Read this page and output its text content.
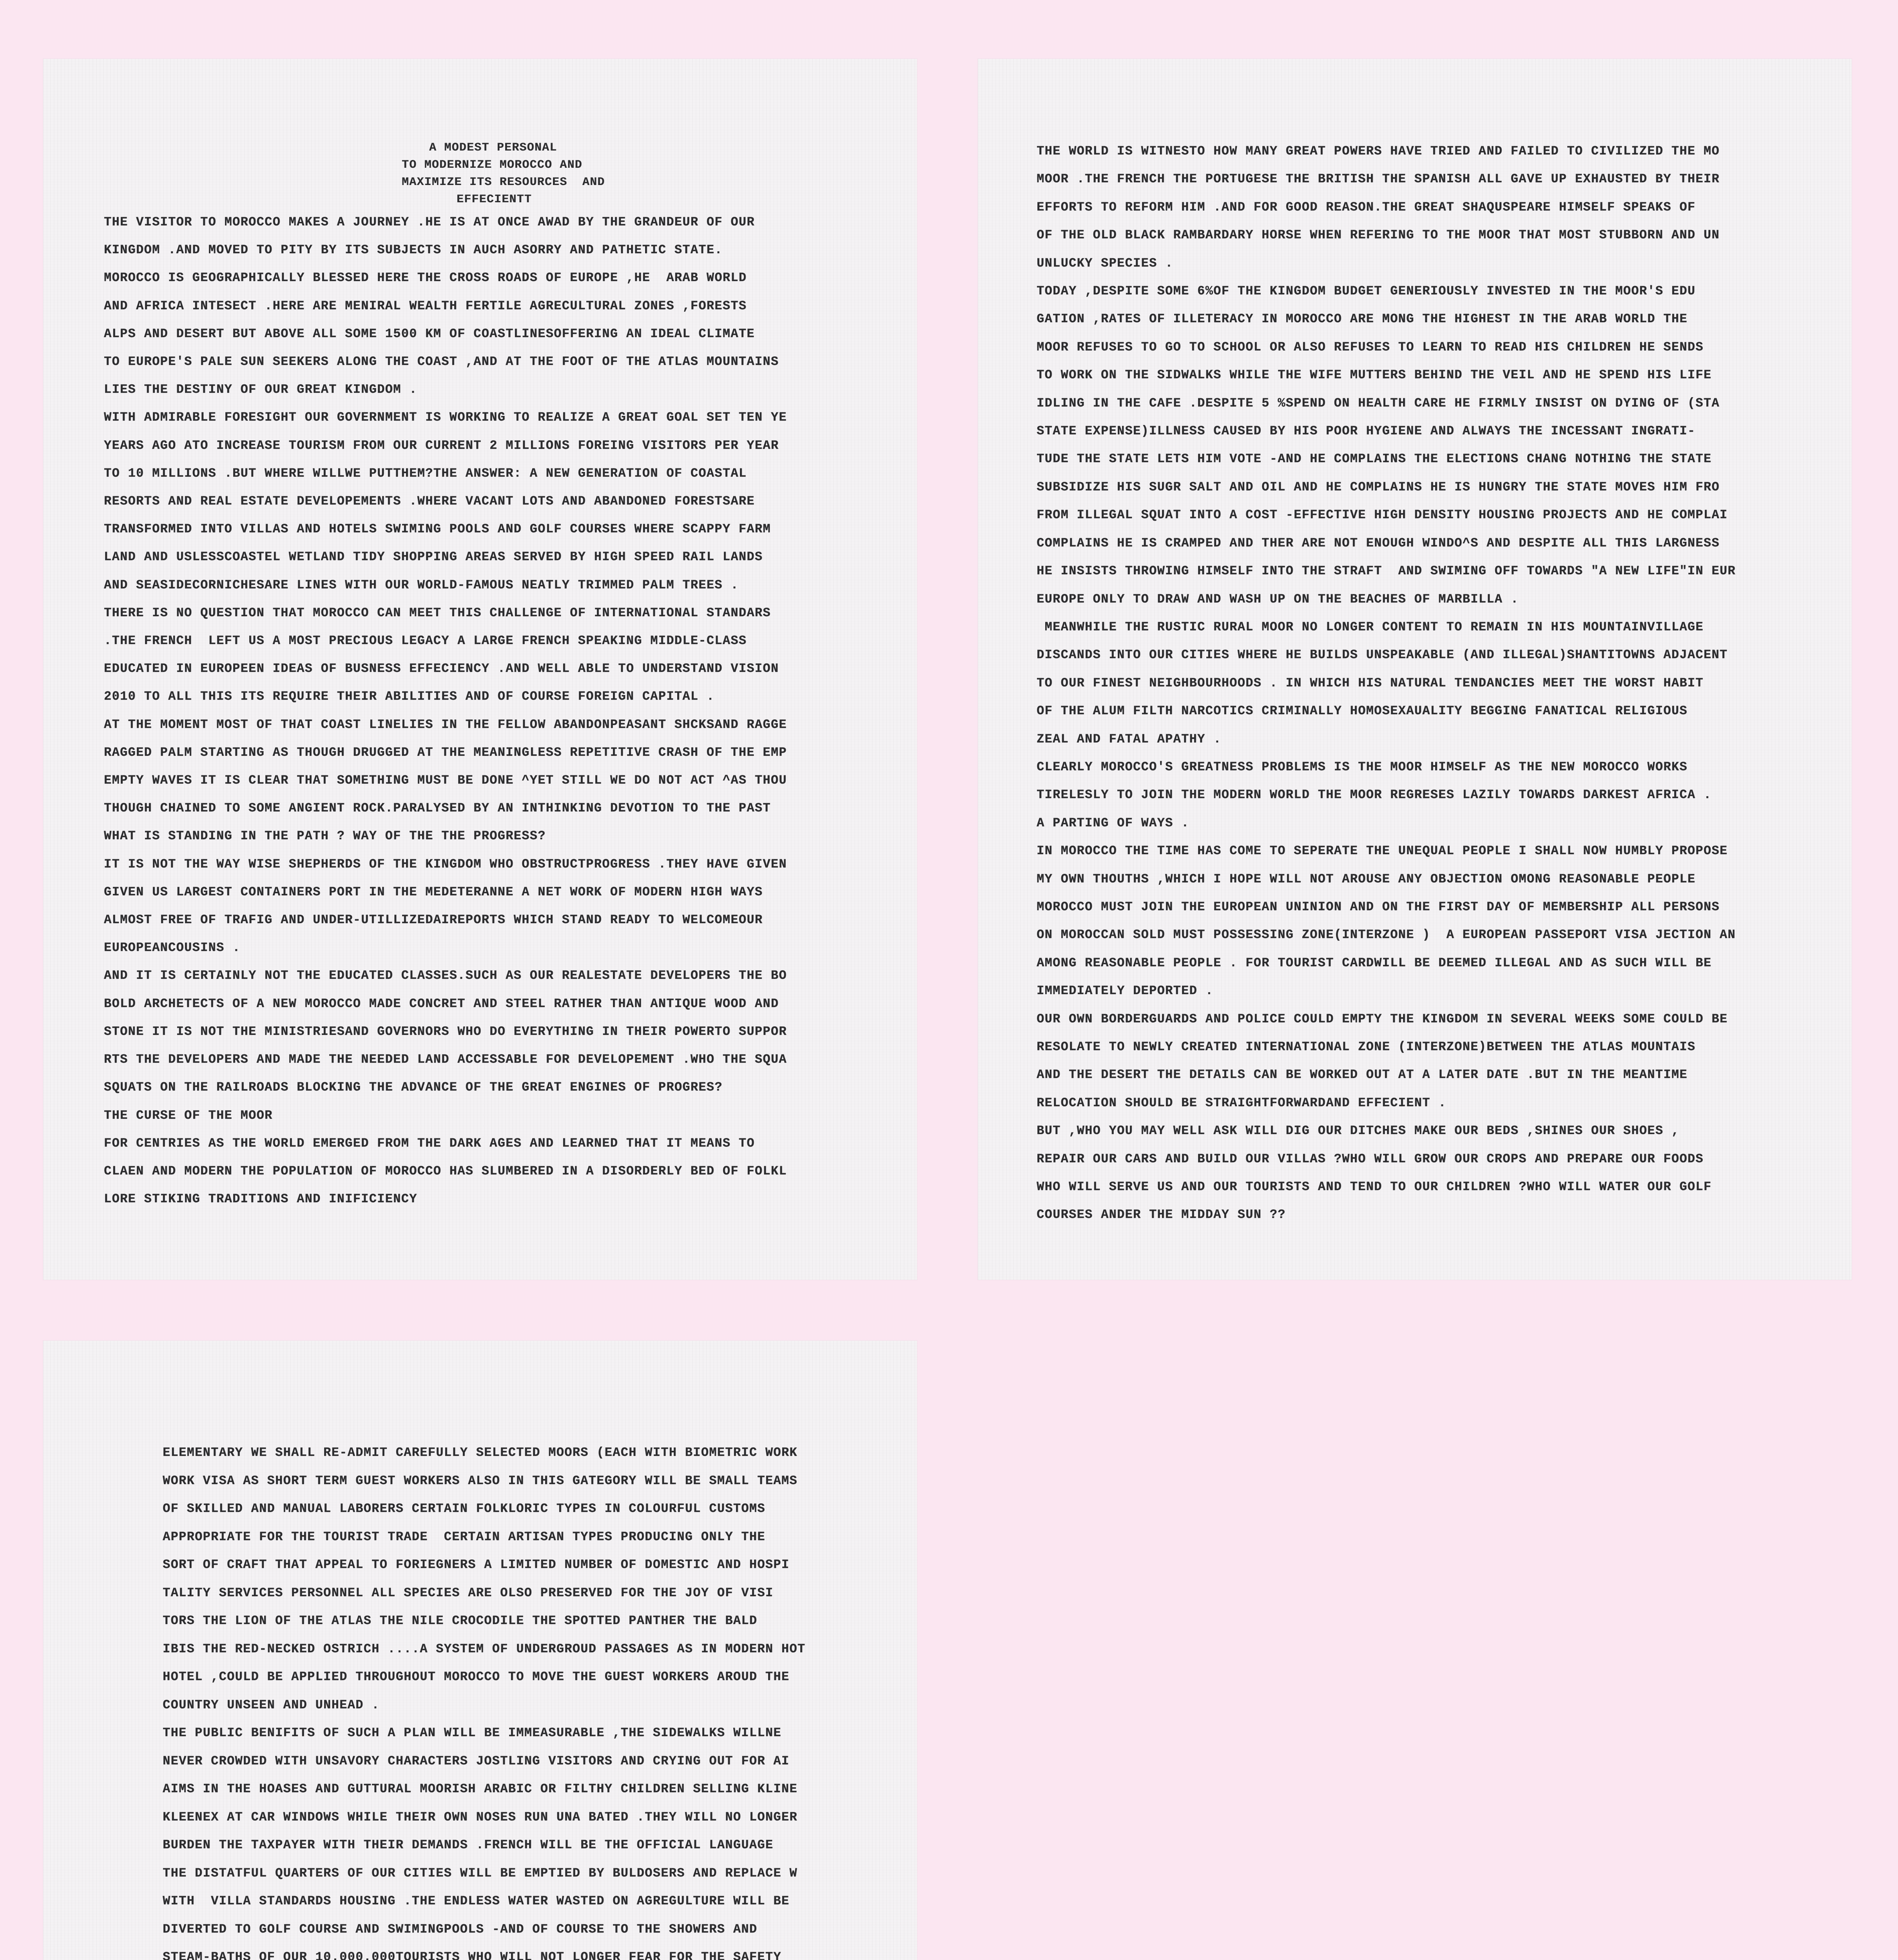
A MODEST PERSONAL
TO MODERNIZE MOROCCO AND
MAXIMIZE ITS RESOURCES  AND
EFFECIENTT
THE VISITOR TO MOROCCO MAKES A JOURNEY .HE IS AT ONCE AWAD BY THE GRANDEUR OF OUR
KINGDOM .AND MOVED TO PITY BY ITS SUBJECTS IN AUCH ASORRY AND PATHETIC STATE.
MOROCCO IS GEOGRAPHICALLY BLESSED HERE THE CROSS ROADS OF EUROPE ,HE  ARAB WORLD
AND AFRICA INTESECT .HERE ARE MENIRAL WEALTH FERTILE AGRECULTURAL ZONES ,FORESTS
ALPS AND DESERT BUT ABOVE ALL SOME 1500 KM OF COASTLINESOFFERING AN IDEAL CLIMATE
TO EUROPE'S PALE SUN SEEKERS ALONG THE COAST ,AND AT THE FOOT OF THE ATLAS MOUNTAINS
LIES THE DESTINY OF OUR GREAT KINGDOM .
WITH ADMIRABLE FORESIGHT OUR GOVERNMENT IS WORKING TO REALIZE A GREAT GOAL SET TEN YE
YEARS AGO ATO INCREASE TOURISM FROM OUR CURRENT 2 MILLIONS FOREING VISITORS PER YEAR
TO 10 MILLIONS .BUT WHERE WILLWE PUTTHEM?THE ANSWER: A NEW GENERATION OF COASTAL
RESORTS AND REAL ESTATE DEVELOPEMENTS .WHERE VACANT LOTS AND ABANDONED FORESTSARE
TRANSFORMED INTO VILLAS AND HOTELS SWIMING POOLS AND GOLF COURSES WHERE SCAPPY FARM
LAND AND USLESSCOASTEL WETLAND TIDY SHOPPING AREAS SERVED BY HIGH SPEED RAIL LANDS
AND SEASIDECORNICHESARE LINES WITH OUR WORLD-FAMOUS NEATLY TRIMMED PALM TREES .
THERE IS NO QUESTION THAT MOROCCO CAN MEET THIS CHALLENGE OF INTERNATIONAL STANDARS
.THE FRENCH  LEFT US A MOST PRECIOUS LEGACY A LARGE FRENCH SPEAKING MIDDLE-CLASS
EDUCATED IN EUROPEEN IDEAS OF BUSNESS EFFECIENCY .AND WELL ABLE TO UNDERSTAND VISION
2010 TO ALL THIS ITS REQUIRE THEIR ABILITIES AND OF COURSE FOREIGN CAPITAL .
AT THE MOMENT MOST OF THAT COAST LINELIES IN THE FELLOW ABANDONPEASANT SHCKSAND RAGGE
RAGGED PALM STARTING AS THOUGH DRUGGED AT THE MEANINGLESS REPETITIVE CRASH OF THE EMP
EMPTY WAVES IT IS CLEAR THAT SOMETHING MUST BE DONE ^YET STILL WE DO NOT ACT ^AS THOU
THOUGH CHAINED TO SOME ANGIENT ROCK.PARALYSED BY AN INTHINKING DEVOTION TO THE PAST
WHAT IS STANDING IN THE PATH ? WAY OF THE THE PROGRESS?
IT IS NOT THE WAY WISE SHEPHERDS OF THE KINGDOM WHO OBSTRUCTPROGRESS .THEY HAVE GIVEN
GIVEN US LARGEST CONTAINERS PORT IN THE MEDETERANNE A NET WORK OF MODERN HIGH WAYS
ALMOST FREE OF TRAFIG AND UNDER-UTILLIZEDAIREPORTS WHICH STAND READY TO WELCOMEOUR
EUROPEANCOUSINS .
AND IT IS CERTAINLY NOT THE EDUCATED CLASSES.SUCH AS OUR REALESTATE DEVELOPERS THE BO
BOLD ARCHETECTS OF A NEW MOROCCO MADE CONCRET AND STEEL RATHER THAN ANTIQUE WOOD AND
STONE IT IS NOT THE MINISTRIESAND GOVERNORS WHO DO EVERYTHING IN THEIR POWERTO SUPPOR
RTS THE DEVELOPERS AND MADE THE NEEDED LAND ACCESSABLE FOR DEVELOPEMENT .WHO THE SQUA
SQUATS ON THE RAILROADS BLOCKING THE ADVANCE OF THE GREAT ENGINES OF PROGRES?
THE CURSE OF THE MOOR
FOR CENTRIES AS THE WORLD EMERGED FROM THE DARK AGES AND LEARNED THAT IT MEANS TO
CLAEN AND MODERN THE POPULATION OF MOROCCO HAS SLUMBERED IN A DISORDERLY BED OF FOLKL
LORE STIKING TRADITIONS AND INIFICIENCY
THE WORLD IS WITNESTO HOW MANY GREAT POWERS HAVE TRIED AND FAILED TO CIVILIZED THE MO
MOOR .THE FRENCH THE PORTUGESE THE BRITISH THE SPANISH ALL GAVE UP EXHAUSTED BY THEIR
EFFORTS TO REFORM HIM .AND FOR GOOD REASON.THE GREAT SHAQUSPEARE HIMSELF SPEAKS OF
OF THE OLD BLACK RAMBARDARY HORSE WHEN REFERING TO THE MOOR THAT MOST STUBBORN AND UN
UNLUCKY SPECIES .
TODAY ,DESPITE SOME 6%OF THE KINGDOM BUDGET GENERIOUSLY INVESTED IN THE MOOR'S EDU
GATION ,RATES OF ILLETERACY IN MOROCCO ARE MONG THE HIGHEST IN THE ARAB WORLD THE
MOOR REFUSES TO GO TO SCHOOL OR ALSO REFUSES TO LEARN TO READ HIS CHILDREN HE SENDS
TO WORK ON THE SIDWALKS WHILE THE WIFE MUTTERS BEHIND THE VEIL AND HE SPEND HIS LIFE
IDLING IN THE CAFE .DESPITE 5 %SPEND ON HEALTH CARE HE FIRMLY INSIST ON DYING OF (STA
STATE EXPENSE)ILLNESS CAUSED BY HIS POOR HYGIENE AND ALWAYS THE INCESSANT INGRATI-
TUDE THE STATE LETS HIM VOTE -AND HE COMPLAINS THE ELECTIONS CHANG NOTHING THE STATE
SUBSIDIZE HIS SUGR SALT AND OIL AND HE COMPLAINS HE IS HUNGRY THE STATE MOVES HIM FRO
FROM ILLEGAL SQUAT INTO A COST -EFFECTIVE HIGH DENSITY HOUSING PROJECTS AND HE COMPLAI
COMPLAINS HE IS CRAMPED AND THER ARE NOT ENOUGH WINDO^S AND DESPITE ALL THIS LARGNESS
HE INSISTS THROWING HIMSELF INTO THE STRAFT  AND SWIMING OFF TOWARDS "A NEW LIFE"IN EUR
EUROPE ONLY TO DRAW AND WASH UP ON THE BEACHES OF MARBILLA .
MEANWHILE THE RUSTIC RURAL MOOR NO LONGER CONTENT TO REMAIN IN HIS MOUNTAINVILLAGE
DISCANDS INTO OUR CITIES WHERE HE BUILDS UNSPEAKABLE (AND ILLEGAL)SHANTITOWNS ADJACENT
TO OUR FINEST NEIGHBOURHOODS . IN WHICH HIS NATURAL TENDANCIES MEET THE WORST HABIT
OF THE ALUM FILTH NARCOTICS CRIMINALLY HOMOSEXAUALITY BEGGING FANATICAL RELIGIOUS
ZEAL AND FATAL APATHY .
CLEARLY MOROCCO'S GREATNESS PROBLEMS IS THE MOOR HIMSELF AS THE NEW MOROCCO WORKS
TIRELESLY TO JOIN THE MODERN WORLD THE MOOR REGRESES LAZILY TOWARDS DARKEST AFRICA .
A PARTING OF WAYS .
IN MOROCCO THE TIME HAS COME TO SEPERATE THE UNEQUAL PEOPLE I SHALL NOW HUMBLY PROPOSE
MY OWN THOUTHS ,WHICH I HOPE WILL NOT AROUSE ANY OBJECTION OMONG REASONABLE PEOPLE
MOROCCO MUST JOIN THE EUROPEAN UNINION AND ON THE FIRST DAY OF MEMBERSHIP ALL PERSONS
ON MOROCCAN SOLD MUST POSSESSING ZONE(INTERZONE )  A EUROPEAN PASSEPORT VISA JECTION AN
AMONG REASONABLE PEOPLE . FOR TOURIST CARDWILL BE DEEMED ILLEGAL AND AS SUCH WILL BE
IMMEDIATELY DEPORTED .
OUR OWN BORDERGUARDS AND POLICE COULD EMPTY THE KINGDOM IN SEVERAL WEEKS SOME COULD BE
RESOLATE TO NEWLY CREATED INTERNATIONAL ZONE (INTERZONE)BETWEEN THE ATLAS MOUNTAIS
AND THE DESERT THE DETAILS CAN BE WORKED OUT AT A LATER DATE .BUT IN THE MEANTIME
RELOCATION SHOULD BE STRAIGHTFORWARDAND EFFECIENT .
BUT ,WHO YOU MAY WELL ASK WILL DIG OUR DITCHES MAKE OUR BEDS ,SHINES OUR SHOES ,
REPAIR OUR CARS AND BUILD OUR VILLAS ?WHO WILL GROW OUR CROPS AND PREPARE OUR FOODS
WHO WILL SERVE US AND OUR TOURISTS AND TEND TO OUR CHILDREN ?WHO WILL WATER OUR GOLF
COURSES ANDER THE MIDDAY SUN ??
ELEMENTARY WE SHALL RE-ADMIT CAREFULLY SELECTED MOORS (EACH WITH BIOMETRIC WORK
WORK VISA AS SHORT TERM GUEST WORKERS ALSO IN THIS GATEGORY WILL BE SMALL TEAMS
OF SKILLED AND MANUAL LABORERS CERTAIN FOLKLORIC TYPES IN COLOURFUL CUSTOMS
APPROPRIATE FOR THE TOURIST TRADE  CERTAIN ARTISAN TYPES PRODUCING ONLY THE
SORT OF CRAFT THAT APPEAL TO FORIEGNERS A LIMITED NUMBER OF DOMESTIC AND HOSPI
TALITY SERVICES PERSONNEL ALL SPECIES ARE OLSO PRESERVED FOR THE JOY OF VISI
TORS THE LION OF THE ATLAS THE NILE CROCODILE THE SPOTTED PANTHER THE BALD
IBIS THE RED-NECKED OSTRICH ....A SYSTEM OF UNDERGROUD PASSAGES AS IN MODERN HOT
HOTEL ,COULD BE APPLIED THROUGHOUT MOROCCO TO MOVE THE GUEST WORKERS AROUD THE
COUNTRY UNSEEN AND UNHEAD .
THE PUBLIC BENIFITS OF SUCH A PLAN WILL BE IMMEASURABLE ,THE SIDEWALKS WILLNE
NEVER CROWDED WITH UNSAVORY CHARACTERS JOSTLING VISITORS AND CRYING OUT FOR AI
AIMS IN THE HOASES AND GUTTURAL MOORISH ARABIC OR FILTHY CHILDREN SELLING KLINE
KLEENEX AT CAR WINDOWS WHILE THEIR OWN NOSES RUN UNA BATED .THEY WILL NO LONGER
BURDEN THE TAXPAYER WITH THEIR DEMANDS .FRENCH WILL BE THE OFFICIAL LANGUAGE
THE DISTATFUL QUARTERS OF OUR CITIES WILL BE EMPTIED BY BULDOSERS AND REPLACE W
WITH  VILLA STANDARDS HOUSING .THE ENDLESS WATER WASTED ON AGREGULTURE WILL BE
DIVERTED TO GOLF COURSE AND SWIMINGPOOLS -AND OF COURSE TO THE SHOWERS AND
STEAM-BATHS OF OUR 10.000.000TOURISTS WHO WILL NOT LONGER FEAR FOR THE SAFETY
